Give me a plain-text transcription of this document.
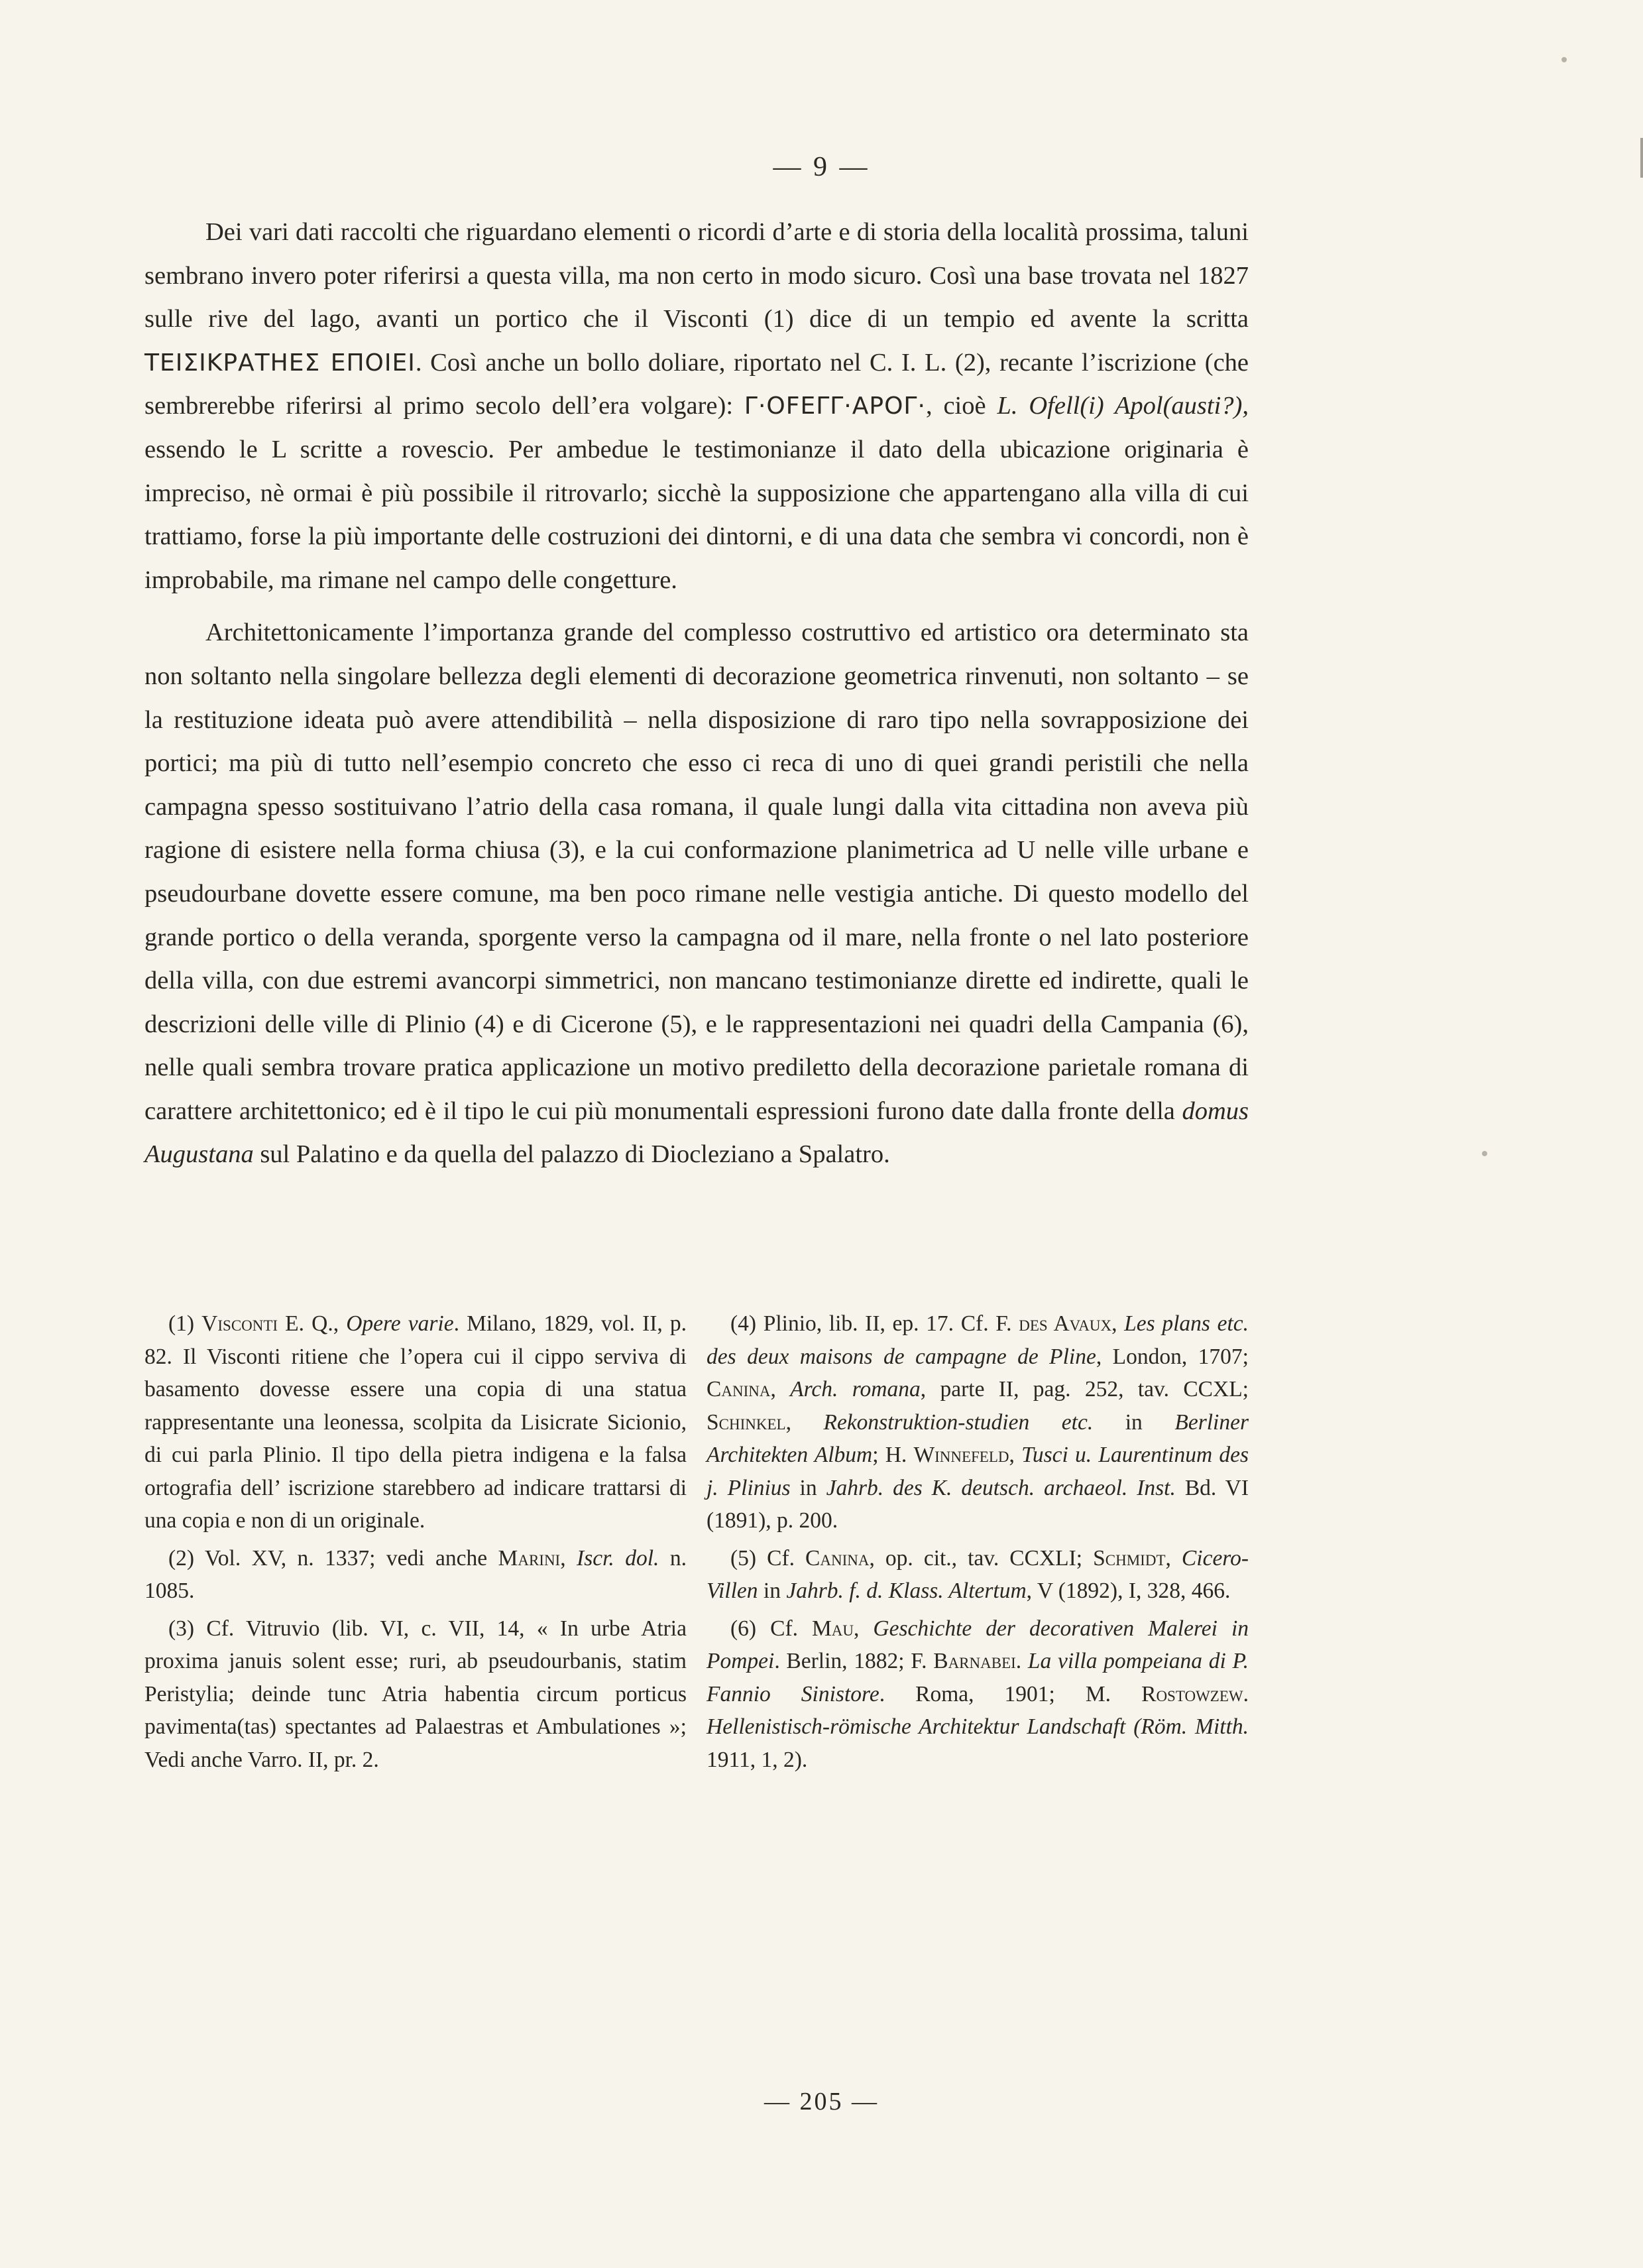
— 9 —

Dei vari dati raccolti che riguardano elementi o ricordi d’arte e di storia della località prossima, taluni sembrano invero poter riferirsi a questa villa, ma non certo in modo sicuro. Così una base trovata nel 1827 sulle rive del lago, avanti un portico che il Visconti (1) dice di un tempio ed avente la scritta ΤΕΙΣΙΚΡΑΤΗΕΣ ΕΠΟΙΕΙ. Così anche un bollo doliare, riportato nel C. I. L. (2), recante l’iscrizione (che sembrerebbe riferirsi al primo secolo dell’era volgare): Γ·OFEΓΓ·APOΓ·, cioè L. Ofell(i) Apol(austi?), essendo le L scritte a rovescio. Per ambedue le testimonianze il dato della ubicazione originaria è impreciso, nè ormai è più possibile il ritrovarlo; sicchè la supposizione che appartengano alla villa di cui trattiamo, forse la più importante delle costruzioni dei dintorni, e di una data che sembra vi concordi, non è improbabile, ma rimane nel campo delle congetture.

Architettonicamente l’importanza grande del complesso costruttivo ed artistico ora determinato sta non soltanto nella singolare bellezza degli elementi di decorazione geometrica rinvenuti, non soltanto – se la restituzione ideata può avere attendibilità – nella disposizione di raro tipo nella sovrapposizione dei portici; ma più di tutto nell’esempio concreto che esso ci reca di uno di quei grandi peristili che nella campagna spesso sostituivano l’atrio della casa romana, il quale lungi dalla vita cittadina non aveva più ragione di esistere nella forma chiusa (3), e la cui conformazione planimetrica ad U nelle ville urbane e pseudourbane dovette essere comune, ma ben poco rimane nelle vestigia antiche. Di questo modello del grande portico o della veranda, sporgente verso la campagna od il mare, nella fronte o nel lato posteriore della villa, con due estremi avancorpi simmetrici, non mancano testimonianze dirette ed indirette, quali le descrizioni delle ville di Plinio (4) e di Cicerone (5), e le rappresentazioni nei quadri della Campania (6), nelle quali sembra trovare pratica applicazione un motivo prediletto della decorazione parietale romana di carattere architettonico; ed è il tipo le cui più monumentali espressioni furono date dalla fronte della domus Augustana sul Palatino e da quella del palazzo di Diocleziano a Spalatro.

(1) Visconti E. Q., Opere varie. Milano, 1829, vol. II, p. 82. Il Visconti ritiene che l’opera cui il cippo serviva di basamento dovesse essere una copia di una statua rappresentante una leonessa, scolpita da Lisicrate Sicionio, di cui parla Plinio. Il tipo della pietra indigena e la falsa ortografia dell’ iscrizione starebbero ad indicare trattarsi di una copia e non di un originale.

(2) Vol. XV, n. 1337; vedi anche Marini, Iscr. dol. n. 1085.

(3) Cf. Vitruvio (lib. VI, c. VII, 14, « In urbe Atria proxima januis solent esse; ruri, ab pseudourbanis, statim Peristylia; deinde tunc Atria habentia circum porticus pavimenta(tas) spectantes ad Palaestras et Ambulationes »; Vedi anche Varro. II, pr. 2.

(4) Plinio, lib. II, ep. 17. Cf. F. des Avaux, Les plans etc. des deux maisons de campagne de Pline, London, 1707; Canina, Arch. romana, parte II, pag. 252, tav. CCXL; Schinkel, Rekonstruktion-studien etc. in Berliner Architekten Album; H. Winnefeld, Tusci u. Laurentinum des j. Plinius in Jahrb. des K. deutsch. archaeol. Inst. Bd. VI (1891), p. 200.

(5) Cf. Canina, op. cit., tav. CCXLI; Schmidt, Cicero-Villen in Jahrb. f. d. Klass. Altertum, V (1892), I, 328, 466.

(6) Cf. Mau, Geschichte der decorativen Malerei in Pompei. Berlin, 1882; F. Barnabei. La villa pompeiana di P. Fannio Sinistore. Roma, 1901; M. Rostowzew. Hellenistisch-römische Architektur Landschaft (Röm. Mitth. 1911, 1, 2).

— 205 —
